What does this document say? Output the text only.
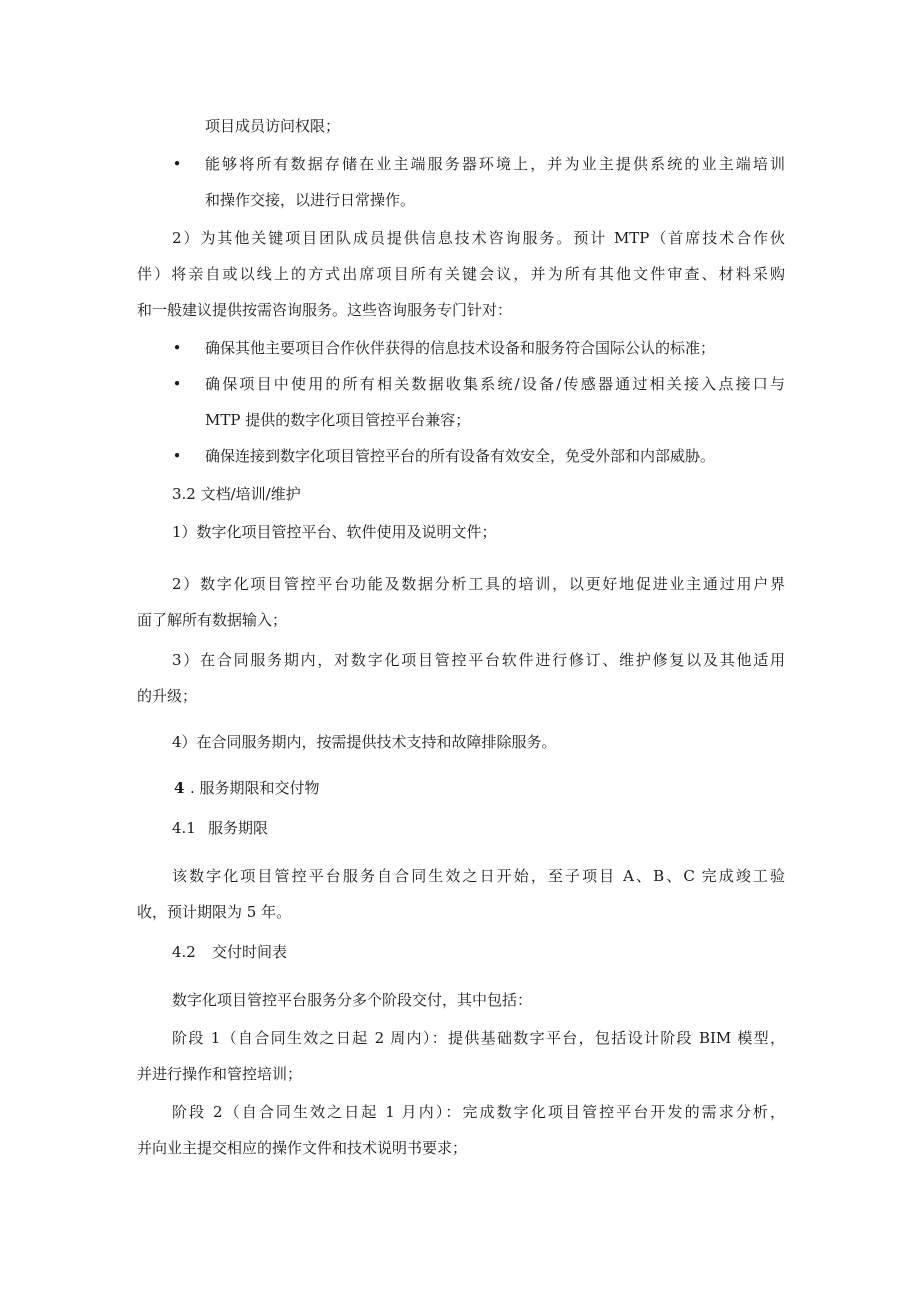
项目成员访问权限；
• 能够将所有数据存储在业主端服务器环境上，并为业主提供系统的业主端培训
和操作交接，以进行日常操作。
2）为其他关键项目团队成员提供信息技术咨询服务。预计 MTP（首席技术合作伙
伴）将亲自或以线上的方式出席项目所有关键会议，并为所有其他文件审查、材料采购
和一般建议提供按需咨询服务。这些咨询服务专门针对：
• 确保其他主要项目合作伙伴获得的信息技术设备和服务符合国际公认的标准；
• 确保项目中使用的所有相关数据收集系统/设备/传感器通过相关接入点接口与
MTP 提供的数字化项目管控平台兼容；
• 确保连接到数字化项目管控平台的所有设备有效安全，免受外部和内部威胁。
3.2 文档/培训/维护
1）数字化项目管控平台、软件使用及说明文件；
2）数字化项目管控平台功能及数据分析工具的培训，以更好地促进业主通过用户界
面了解所有数据输入；
3）在合同服务期内，对数字化项目管控平台软件进行修订、维护修复以及其他适用
的升级；
4）在合同服务期内，按需提供技术支持和故障排除服务。
4 . 服务期限和交付物
4.1 服务期限
该数字化项目管控平台服务自合同生效之日开始，至子项目 A、B、C 完成竣工验
收，预计期限为 5 年。
4.2 交付时间表
数字化项目管控平台服务分多个阶段交付，其中包括：
阶段 1（自合同生效之日起 2 周内）：提供基础数字平台，包括设计阶段 BIM 模型，
并进行操作和管控培训；
阶段 2（自合同生效之日起 1 月内）：完成数字化项目管控平台开发的需求分析，
并向业主提交相应的操作文件和技术说明书要求；
